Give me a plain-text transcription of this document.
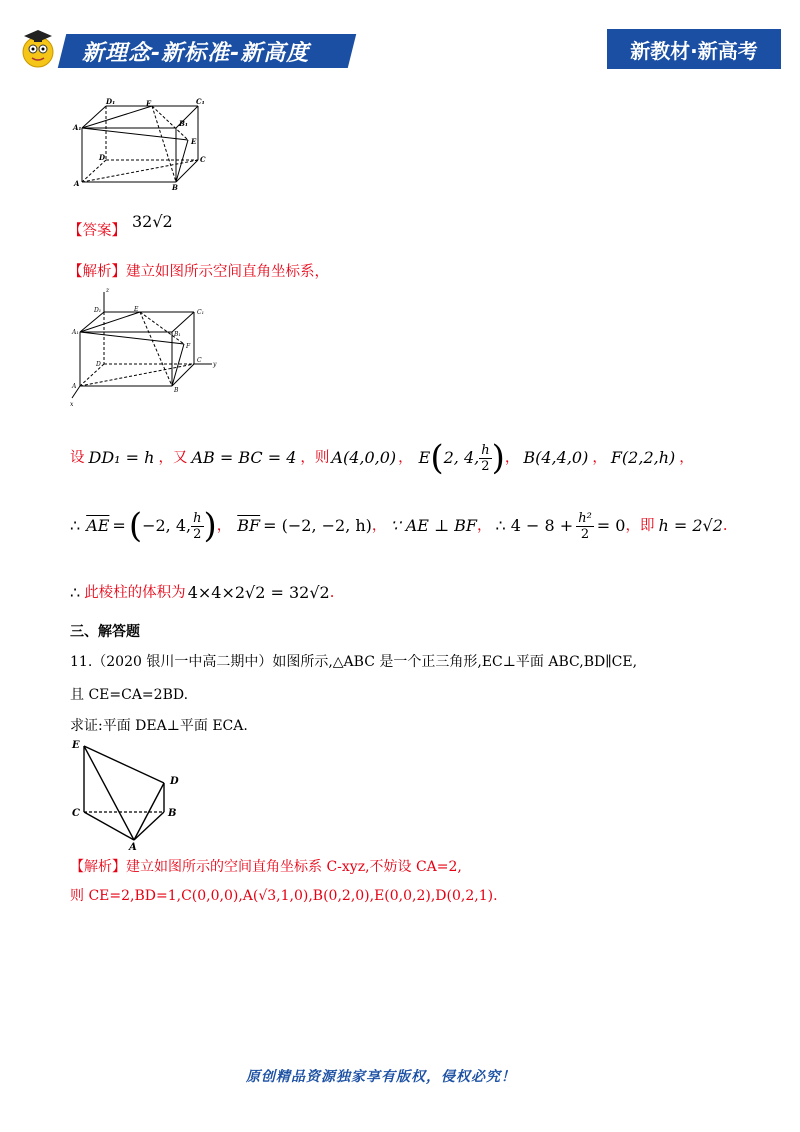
新理念-新标准-新高度	新教材·新高考
D₁	F	C₁
A₁	B₁
E
D	C
A	B
【答案】 32√2
【解析】建立如图所示空间直角坐标系，
z
D₁	E	C₁
A₁	B₁
F
D
C
y
A
B
x
设 DD₁ = h ，又 AB = BC = 4 ，则 A(4,0,0) ， E ( 2, 4, $\frac{h}{2}$ ) ， B(4,4,0) ， F(2,2,h) ，
∴ $\overline{AE}$ = ( −2, 4, $\frac{h}{2}$ ) ， $\overline{BF} = (-2$, −2, h) ， ∵ AE ⊥ BF ， ∴ $4 - 8 + \frac{\text{h²}}{2} = 0$ ，即 h = 2√2 .
∴ 此棱柱的体积为 4×4×2√2 = 32√2 .
三、解答题
11.（2020 银川一中高二期中）如图所示,△ABC 是一个正三角形,EC⊥平面 ABC,BD∥CE,
且 CE=CA=2BD.
求证:平面 DEA⊥平面 ECA.
E
D
C	B
A
【解析】建立如图所示的空间直角坐标系 C-xyz,不妨设 CA=2,
则 CE=2,BD=1,C(0,0,0),A(√3,1,0),B(0,2,0),E(0,0,2),D(0,2,1).
原创精品资源独家享有版权，侵权必究！
